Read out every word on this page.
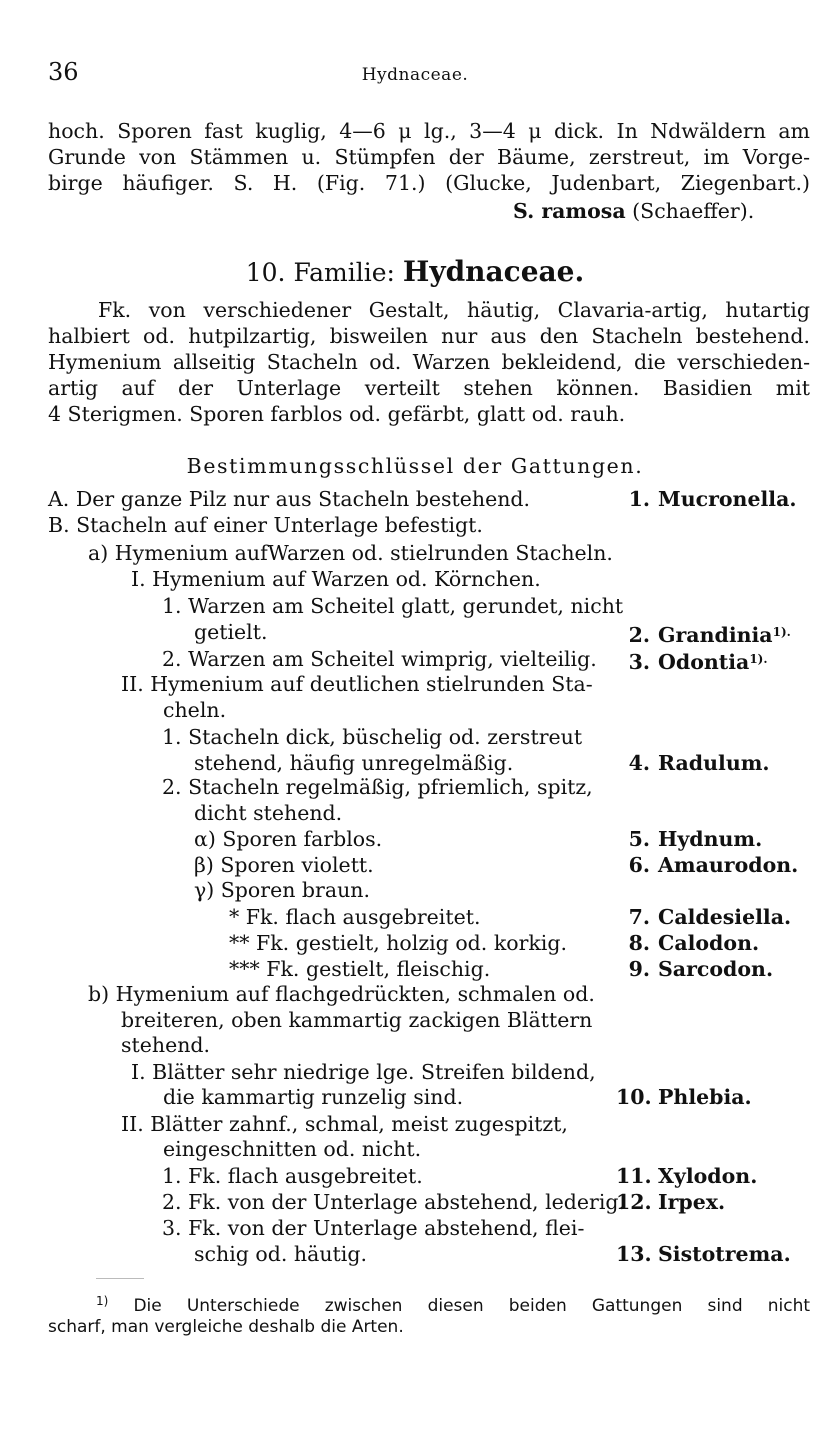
36	Hydnaceae.
hoch. Sporen fast kuglig, 4—6 μ lg., 3—4 μ dick. In Ndwäldern am
Grunde von Stämmen u. Stümpfen der Bäume, zerstreut, im Vorge-
birge häufiger. S. H. (Fig. 71.) (Glucke, Judenbart, Ziegenbart.)
S. ramosa (Schaeffer).
10. Familie: Hydnaceae.
Fk. von verschiedener Gestalt, häutig, Clavaria-artig, hutartig
halbiert od. hutpilzartig, bisweilen nur aus den Stacheln bestehend.
Hymenium allseitig Stacheln od. Warzen bekleidend, die verschieden-
artig auf der Unterlage verteilt stehen können. Basidien mit
4 Sterigmen. Sporen farblos od. gefärbt, glatt od. rauh.
Bestimmungsschlüssel der Gattungen.
A. Der ganze Pilz nur aus Stacheln bestehend.
B. Stacheln auf einer Unterlage befestigt.
a) Hymenium aufWarzen od. stielrunden Stacheln.
I. Hymenium auf Warzen od. Körnchen.
1. Warzen am Scheitel glatt, gerundet, nicht
getielt.
2. Warzen am Scheitel wimprig, vielteilig.
II. Hymenium auf deutlichen stielrunden Sta-
cheln.
1. Stacheln dick, büschelig od. zerstreut
stehend, häufig unregelmäßig.
2. Stacheln regelmäßig, pfriemlich, spitz,
dicht stehend.
α) Sporen farblos.
β) Sporen violett.
γ) Sporen braun.
* Fk. flach ausgebreitet.
** Fk. gestielt, holzig od. korkig.
*** Fk. gestielt, fleischig.
b) Hymenium auf flachgedrückten, schmalen od.
breiteren, oben kammartig zackigen Blättern
stehend.
I. Blätter sehr niedrige lge. Streifen bildend,
die kammartig runzelig sind.
II. Blätter zahnf., schmal, meist zugespitzt,
eingeschnitten od. nicht.
1. Fk. flach ausgebreitet.
2. Fk. von der Unterlage abstehend, lederig.
3. Fk. von der Unterlage abstehend, flei-
schig od. häutig.
1. Mucronella.
2. Grandinia$^{1).}$
3. Odontia$^{1).}$
4. Radulum.
5. Hydnum.
6. Amaurodon.
7. Caldesiella.
8. Calodon.
9. Sarcodon.
10. Phlebia.
11. Xylodon.
12. Irpex.
13. Sistotrema.
$^{1)}$ Die Unterschiede zwischen diesen beiden Gattungen sind nicht
scharf, man vergleiche deshalb die Arten.
